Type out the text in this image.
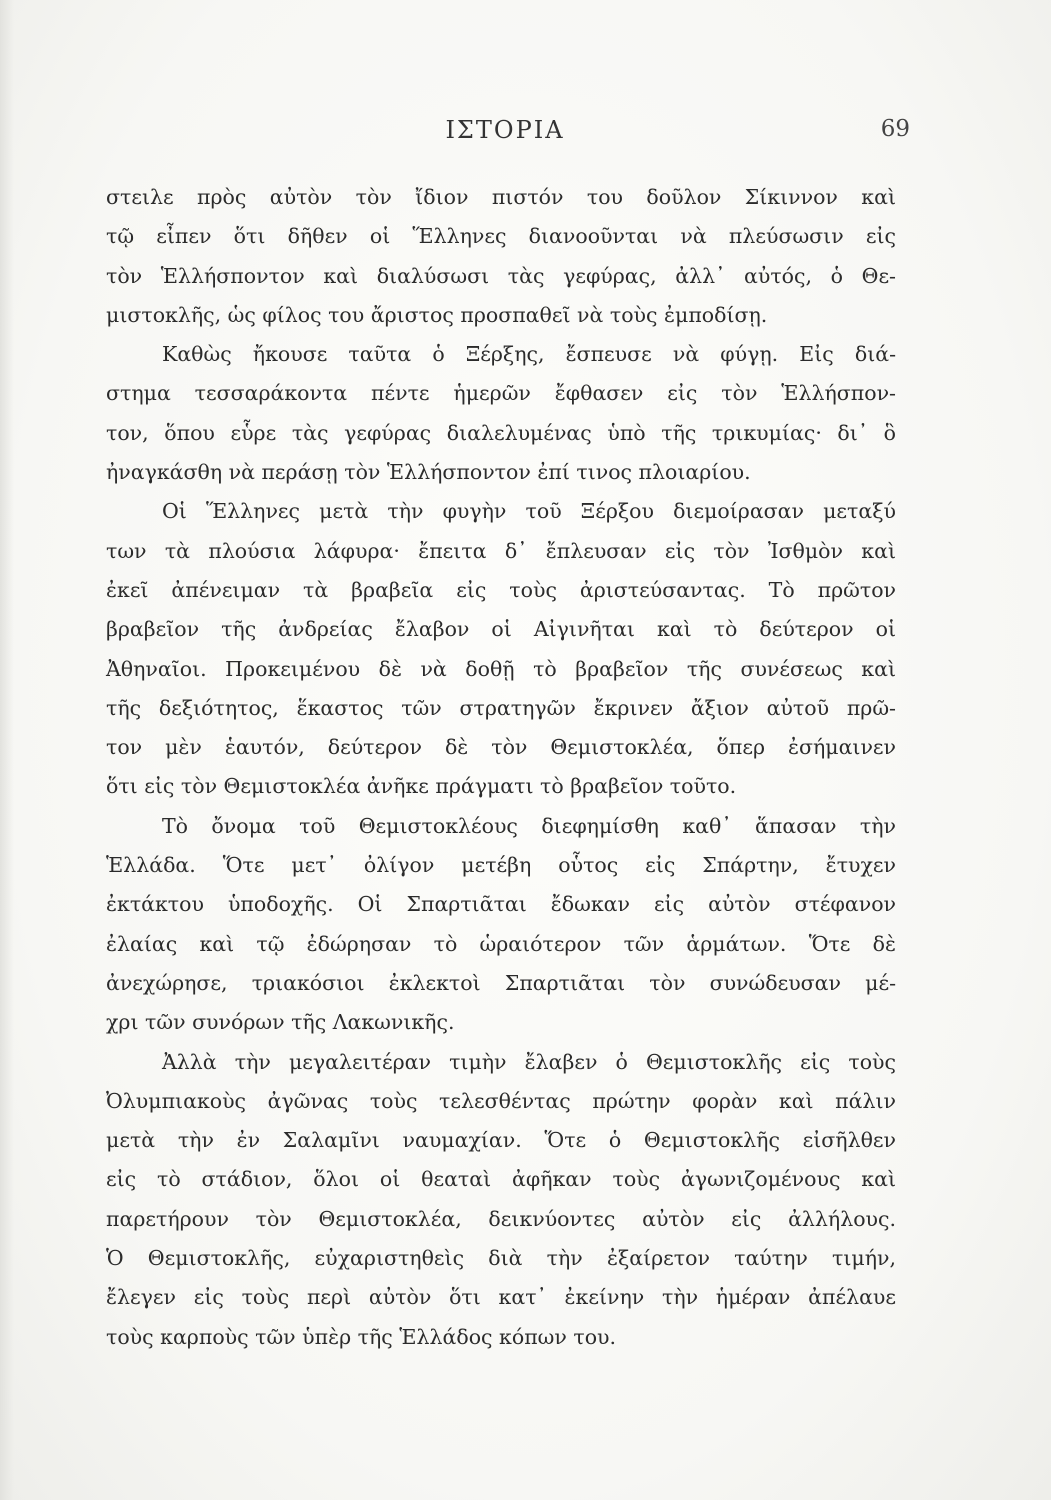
ΙΣΤΟΡΙΑ	69
στειλε πρὸς αὐτὸν τὸν ἴδιον πιστόν του δοῦλον Σίκιννον καὶ
τῷ εἶπεν ὅτι δῆθεν οἱ Ἕλληνες διανοοῦνται νὰ πλεύσωσιν εἰς
τὸν Ἑλλήσποντον καὶ διαλύσωσι τὰς γεφύρας, ἀλλ᾿ αὐτός, ὁ Θε-
μιστοκλῆς, ὡς φίλος του ἄριστος προσπαθεῖ νὰ τοὺς ἐμποδίσῃ.
Καθὼς ἤκουσε ταῦτα ὁ Ξέρξης, ἔσπευσε νὰ φύγῃ. Εἰς διά-
στημα τεσσαράκοντα πέντε ἡμερῶν ἔφθασεν εἰς τὸν Ἑλλήσπον-
τον, ὅπου εὗρε τὰς γεφύρας διαλελυμένας ὑπὸ τῆς τρικυμίας· δι᾿ ὃ
ἠναγκάσθη νὰ περάσῃ τὸν Ἑλλήσποντον ἐπί τινος πλοιαρίου.
Οἱ Ἕλληνες μετὰ τὴν φυγὴν τοῦ Ξέρξου διεμοίρασαν μεταξύ
των τὰ πλούσια λάφυρα· ἔπειτα δ᾿ ἔπλευσαν εἰς τὸν Ἰσθμὸν καὶ
ἐκεῖ ἀπένειμαν τὰ βραβεῖα εἰς τοὺς ἀριστεύσαντας. Τὸ πρῶτον
βραβεῖον τῆς ἀνδρείας ἔλαβον οἱ Αἰγινῆται καὶ τὸ δεύτερον οἱ
Ἀθηναῖοι. Προκειμένου δὲ νὰ δοθῇ τὸ βραβεῖον τῆς συνέσεως καὶ
τῆς δεξιότητος, ἕκαστος τῶν στρατηγῶν ἔκρινεν ἄξιον αὐτοῦ πρῶ-
τον μὲν ἑαυτόν, δεύτερον δὲ τὸν Θεμιστοκλέα, ὅπερ ἐσήμαινεν
ὅτι εἰς τὸν Θεμιστοκλέα ἀνῆκε πράγματι τὸ βραβεῖον τοῦτο.
Τὸ ὄνομα τοῦ Θεμιστοκλέους διεφημίσθη καθ᾿ ἅπασαν τὴν
Ἑλλάδα. Ὅτε μετ᾿ ὀλίγον μετέβη οὗτος εἰς Σπάρτην, ἔτυχεν
ἐκτάκτου ὑποδοχῆς. Οἱ Σπαρτιᾶται ἔδωκαν εἰς αὐτὸν στέφανον
ἐλαίας καὶ τῷ ἐδώρησαν τὸ ὡραιότερον τῶν ἁρμάτων. Ὅτε δὲ
ἀνεχώρησε, τριακόσιοι ἐκλεκτοὶ Σπαρτιᾶται τὸν συνώδευσαν μέ-
χρι τῶν συνόρων τῆς Λακωνικῆς.
Ἀλλὰ τὴν μεγαλειτέραν τιμὴν ἔλαβεν ὁ Θεμιστοκλῆς εἰς τοὺς
Ὀλυμπιακοὺς ἀγῶνας τοὺς τελεσθέντας πρώτην φορὰν καὶ πάλιν
μετὰ τὴν ἐν Σαλαμῖνι ναυμαχίαν. Ὅτε ὁ Θεμιστοκλῆς εἰσῆλθεν
εἰς τὸ στάδιον, ὅλοι οἱ θεαταὶ ἀφῆκαν τοὺς ἀγωνιζομένους καὶ
παρετήρουν τὸν Θεμιστοκλέα, δεικνύοντες αὐτὸν εἰς ἀλλήλους.
Ὁ Θεμιστοκλῆς, εὐχαριστηθεὶς διὰ τὴν ἐξαίρετον ταύτην τιμήν,
ἔλεγεν εἰς τοὺς περὶ αὐτὸν ὅτι κατ᾿ ἐκείνην τὴν ἡμέραν ἀπέλαυε
τοὺς καρποὺς τῶν ὑπὲρ τῆς Ἑλλάδος κόπων του.
